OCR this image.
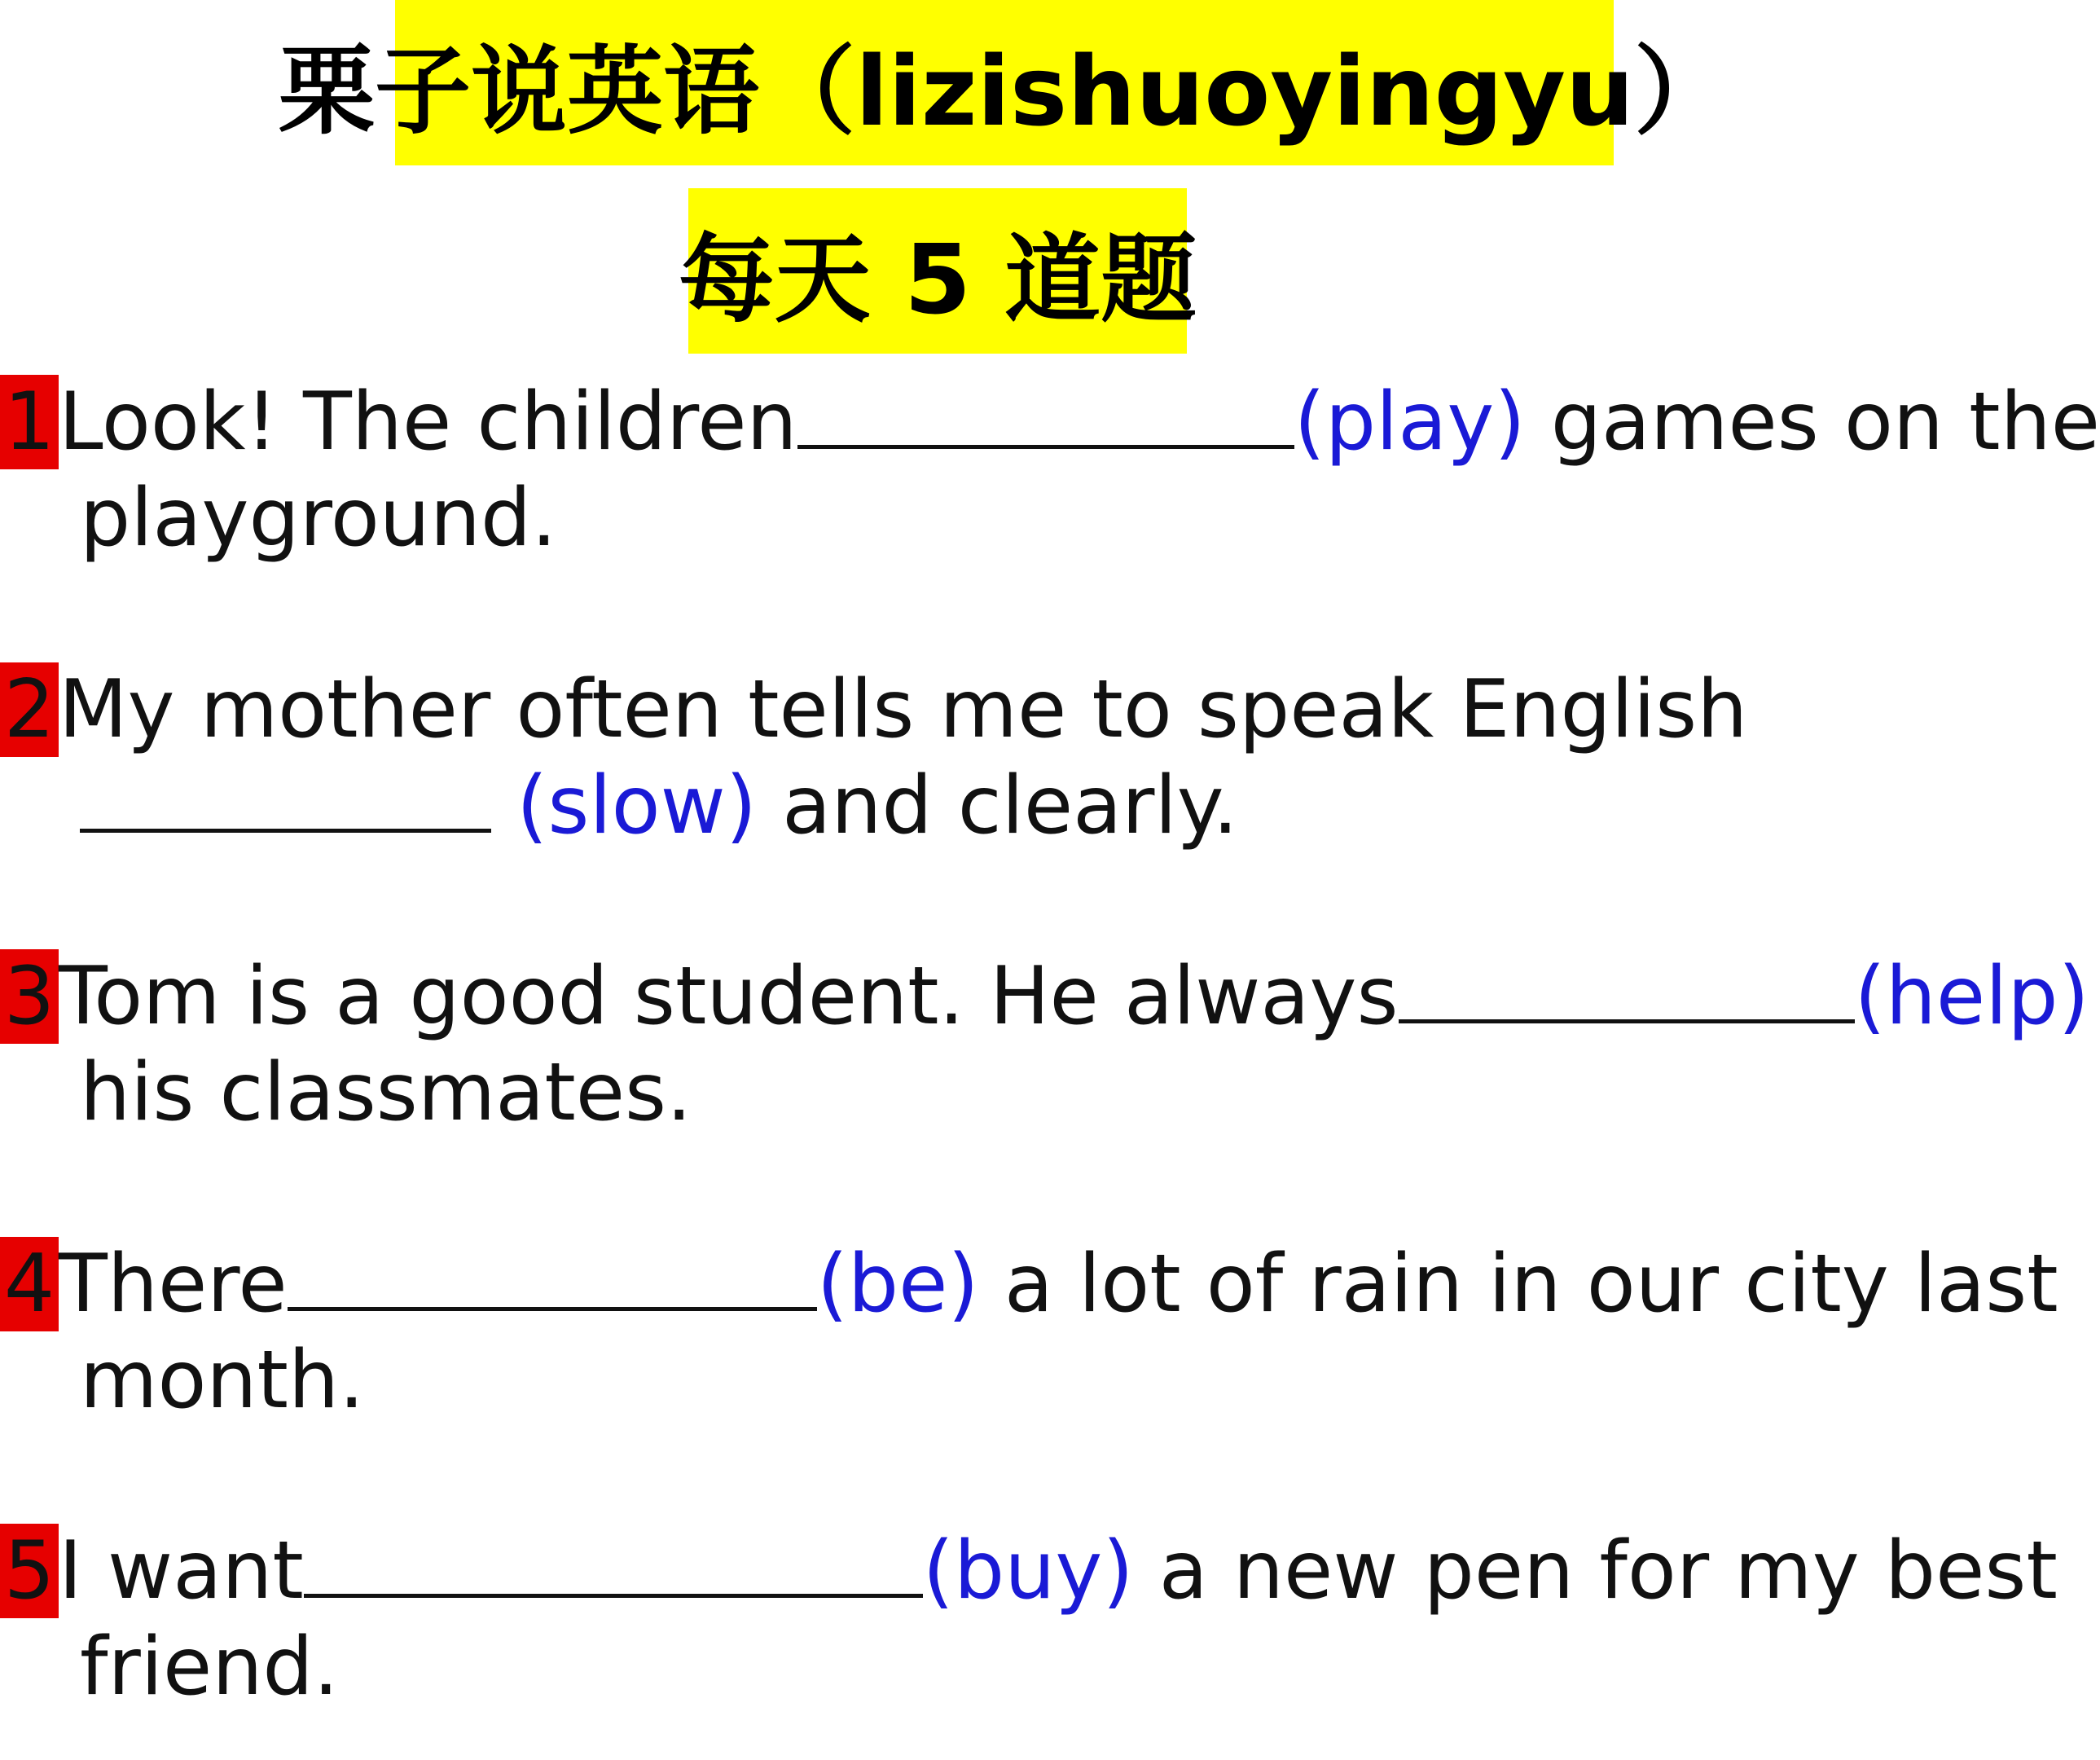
栗子说英语（lizishuoyingyu）
每天 5 道题
1 Look! The children	(play) games on the
playground.
2 My mother often tells me to speak English
(slow) and clearly.
3 Tom is a good student. He always	(help)
his classmates.
4 There	(be) a lot of rain in our city last
month.
5 I want	(buy) a new pen for my best
friend.
